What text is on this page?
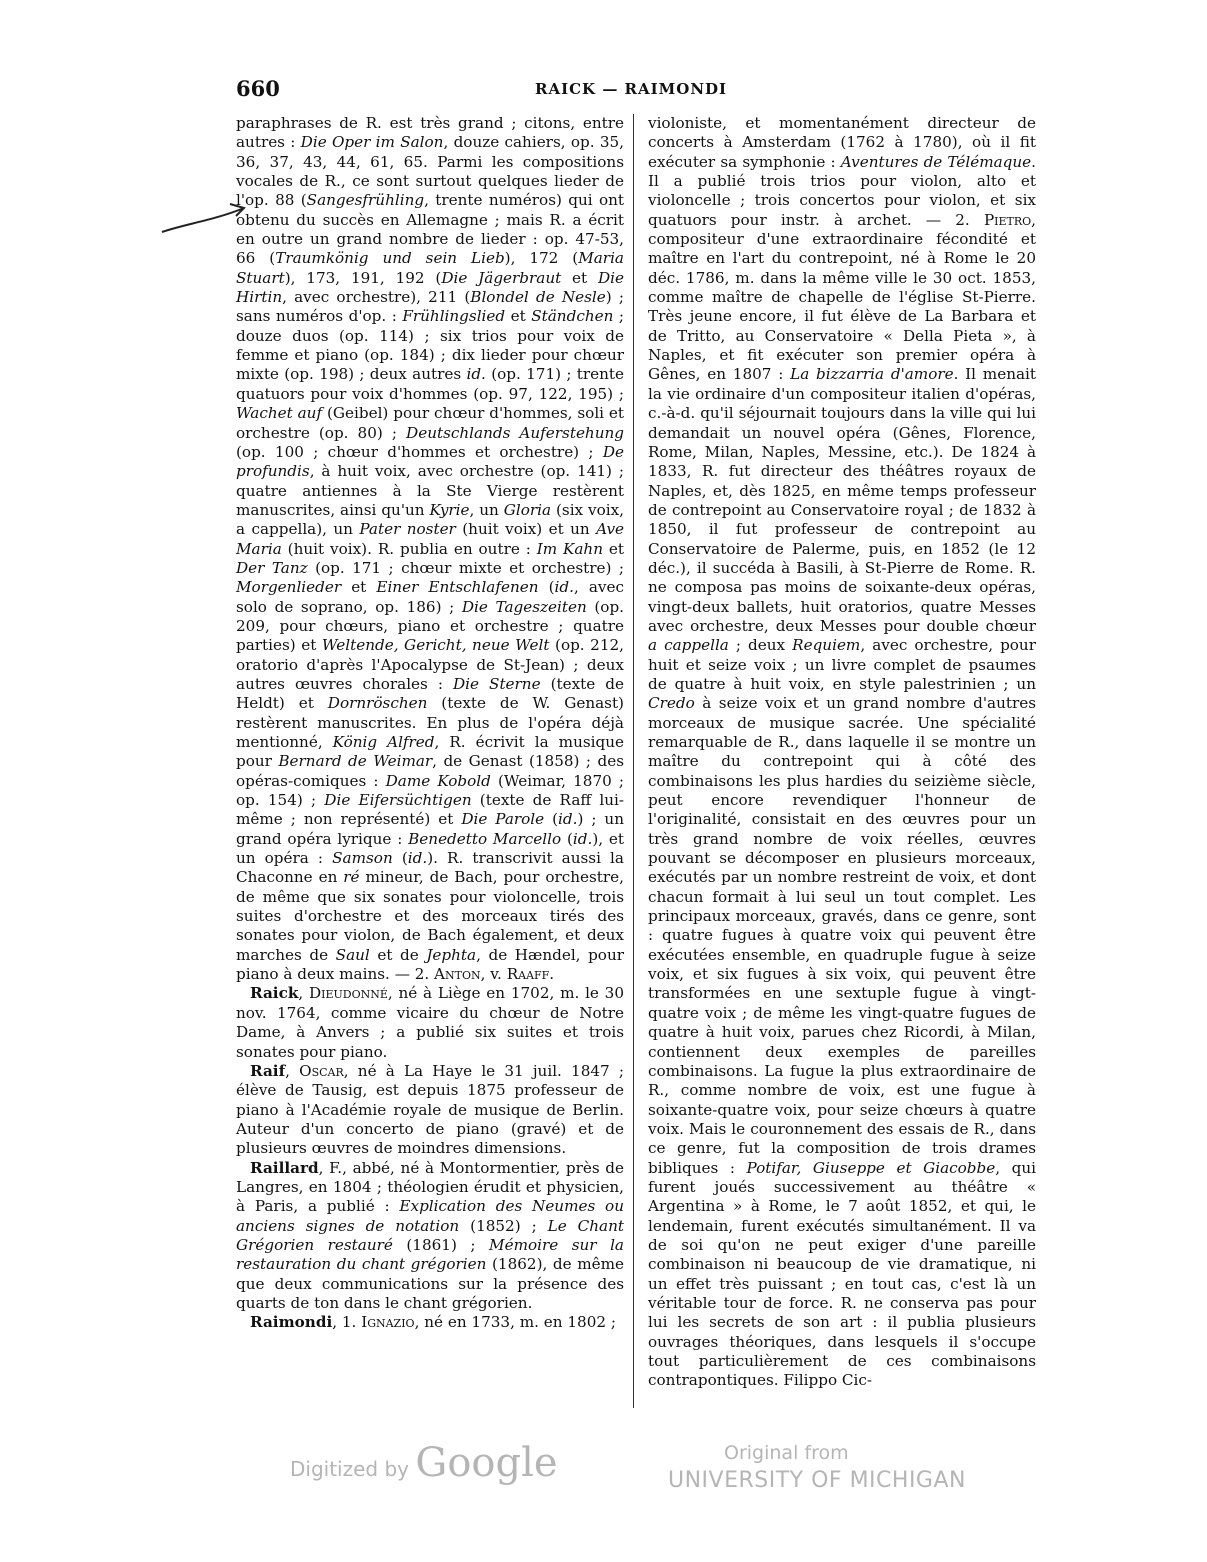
660	RAICK — RAIMONDI

paraphrases de R. est très grand ; citons, entre autres : Die Oper im Salon, douze cahiers, op. 35, 36, 37, 43, 44, 61, 65. Parmi les compositions vocales de R., ce sont surtout quelques lieder de l'op. 88 (Sangesfrühling, trente numéros) qui ont obtenu du succès en Allemagne ; mais R. a écrit en outre un grand nombre de lieder : op. 47-53, 66 (Traumkönig und sein Lieb), 172 (Maria Stuart), 173, 191, 192 (Die Jägerbraut et Die Hirtin, avec orchestre), 211 (Blondel de Nesle) ; sans numéros d'op. : Frühlingslied et Ständchen ; douze duos (op. 114) ; six trios pour voix de femme et piano (op. 184) ; dix lieder pour chœur mixte (op. 198) ; deux autres id. (op. 171) ; trente quatuors pour voix d'hommes (op. 97, 122, 195) ; Wachet auf (Geibel) pour chœur d'hommes, soli et orchestre (op. 80) ; Deutschlands Auferstehung (op. 100 ; chœur d'hommes et orchestre) ; De profundis, à huit voix, avec orchestre (op. 141) ; quatre antiennes à la Ste Vierge restèrent manuscrites, ainsi qu'un Kyrie, un Gloria (six voix, a cappella), un Pater noster (huit voix) et un Ave Maria (huit voix). R. publia en outre : Im Kahn et Der Tanz (op. 171 ; chœur mixte et orchestre) ; Morgenlieder et Einer Entschlafenen (id., avec solo de soprano, op. 186) ; Die Tageszeiten (op. 209, pour chœurs, piano et orchestre ; quatre parties) et Weltende, Gericht, neue Welt (op. 212, oratorio d'après l'Apocalypse de St-Jean) ; deux autres œuvres chorales : Die Sterne (texte de Heldt) et Dornröschen (texte de W. Genast) restèrent manuscrites. En plus de l'opéra déjà mentionné, König Alfred, R. écrivit la musique pour Bernard de Weimar, de Genast (1858) ; des opéras-comiques : Dame Kobold (Weimar, 1870 ; op. 154) ; Die Eifersüchtigen (texte de Raff lui-même ; non représenté) et Die Parole (id.) ; un grand opéra lyrique : Benedetto Marcello (id.), et un opéra : Samson (id.). R. transcrivit aussi la Chaconne en ré mineur, de Bach, pour orchestre, de même que six sonates pour violoncelle, trois suites d'orchestre et des morceaux tirés des sonates pour violon, de Bach également, et deux marches de Saul et de Jephta, de Hændel, pour piano à deux mains. — 2. Anton, v. Raaff.

Raick, Dieudonné, né à Liège en 1702, m. le 30 nov. 1764, comme vicaire du chœur de Notre Dame, à Anvers ; a publié six suites et trois sonates pour piano.

Raif, Oscar, né à La Haye le 31 juil. 1847 ; élève de Tausig, est depuis 1875 professeur de piano à l'Académie royale de musique de Berlin. Auteur d'un concerto de piano (gravé) et de plusieurs œuvres de moindres dimensions.

Raillard, F., abbé, né à Montormentier, près de Langres, en 1804 ; théologien érudit et physicien, à Paris, a publié : Explication des Neumes ou anciens signes de notation (1852) ; Le Chant Grégorien restauré (1861) ; Mémoire sur la restauration du chant grégorien (1862), de même que deux communications sur la présence des quarts de ton dans le chant grégorien.

Raimondi, 1. Ignazio, né en 1733, m. en 1802 ;

violoniste, et momentanément directeur de concerts à Amsterdam (1762 à 1780), où il fit exécuter sa symphonie : Aventures de Télémaque. Il a publié trois trios pour violon, alto et violoncelle ; trois concertos pour violon, et six quatuors pour instr. à archet. — 2. Pietro, compositeur d'une extraordinaire fécondité et maître en l'art du contrepoint, né à Rome le 20 déc. 1786, m. dans la même ville le 30 oct. 1853, comme maître de chapelle de l'église St-Pierre. Très jeune encore, il fut élève de La Barbara et de Tritto, au Conservatoire « Della Pieta », à Naples, et fit exécuter son premier opéra à Gênes, en 1807 : La bizzarria d'amore. Il menait la vie ordinaire d'un compositeur italien d'opéras, c.-à-d. qu'il séjournait toujours dans la ville qui lui demandait un nouvel opéra (Gênes, Florence, Rome, Milan, Naples, Messine, etc.). De 1824 à 1833, R. fut directeur des théâtres royaux de Naples, et, dès 1825, en même temps professeur de contrepoint au Conservatoire royal ; de 1832 à 1850, il fut professeur de contrepoint au Conservatoire de Palerme, puis, en 1852 (le 12 déc.), il succéda à Basili, à St-Pierre de Rome. R. ne composa pas moins de soixante-deux opéras, vingt-deux ballets, huit oratorios, quatre Messes avec orchestre, deux Messes pour double chœur a cappella ; deux Requiem, avec orchestre, pour huit et seize voix ; un livre complet de psaumes de quatre à huit voix, en style palestrinien ; un Credo à seize voix et un grand nombre d'autres morceaux de musique sacrée. Une spécialité remarquable de R., dans laquelle il se montre un maître du contrepoint qui à côté des combinaisons les plus hardies du seizième siècle, peut encore revendiquer l'honneur de l'originalité, consistait en des œuvres pour un très grand nombre de voix réelles, œuvres pouvant se décomposer en plusieurs morceaux, exécutés par un nombre restreint de voix, et dont chacun formait à lui seul un tout complet. Les principaux morceaux, gravés, dans ce genre, sont : quatre fugues à quatre voix qui peuvent être exécutées ensemble, en quadruple fugue à seize voix, et six fugues à six voix, qui peuvent être transformées en une sextuple fugue à vingt-quatre voix ; de même les vingt-quatre fugues de quatre à huit voix, parues chez Ricordi, à Milan, contiennent deux exemples de pareilles combinaisons. La fugue la plus extraordinaire de R., comme nombre de voix, est une fugue à soixante-quatre voix, pour seize chœurs à quatre voix. Mais le couronnement des essais de R., dans ce genre, fut la composition de trois drames bibliques : Potifar, Giuseppe et Giacobbe, qui furent joués successivement au théâtre « Argentina » à Rome, le 7 août 1852, et qui, le lendemain, furent exécutés simultanément. Il va de soi qu'on ne peut exiger d'une pareille combinaison ni beaucoup de vie dramatique, ni un effet très puissant ; en tout cas, c'est là un véritable tour de force. R. ne conserva pas pour lui les secrets de son art : il publia plusieurs ouvrages théoriques, dans lesquels il s'occupe tout particulièrement de ces combinaisons contrapontiques. Filippo Cic-

Digitized by Google	Original from
UNIVERSITY OF MICHIGAN
